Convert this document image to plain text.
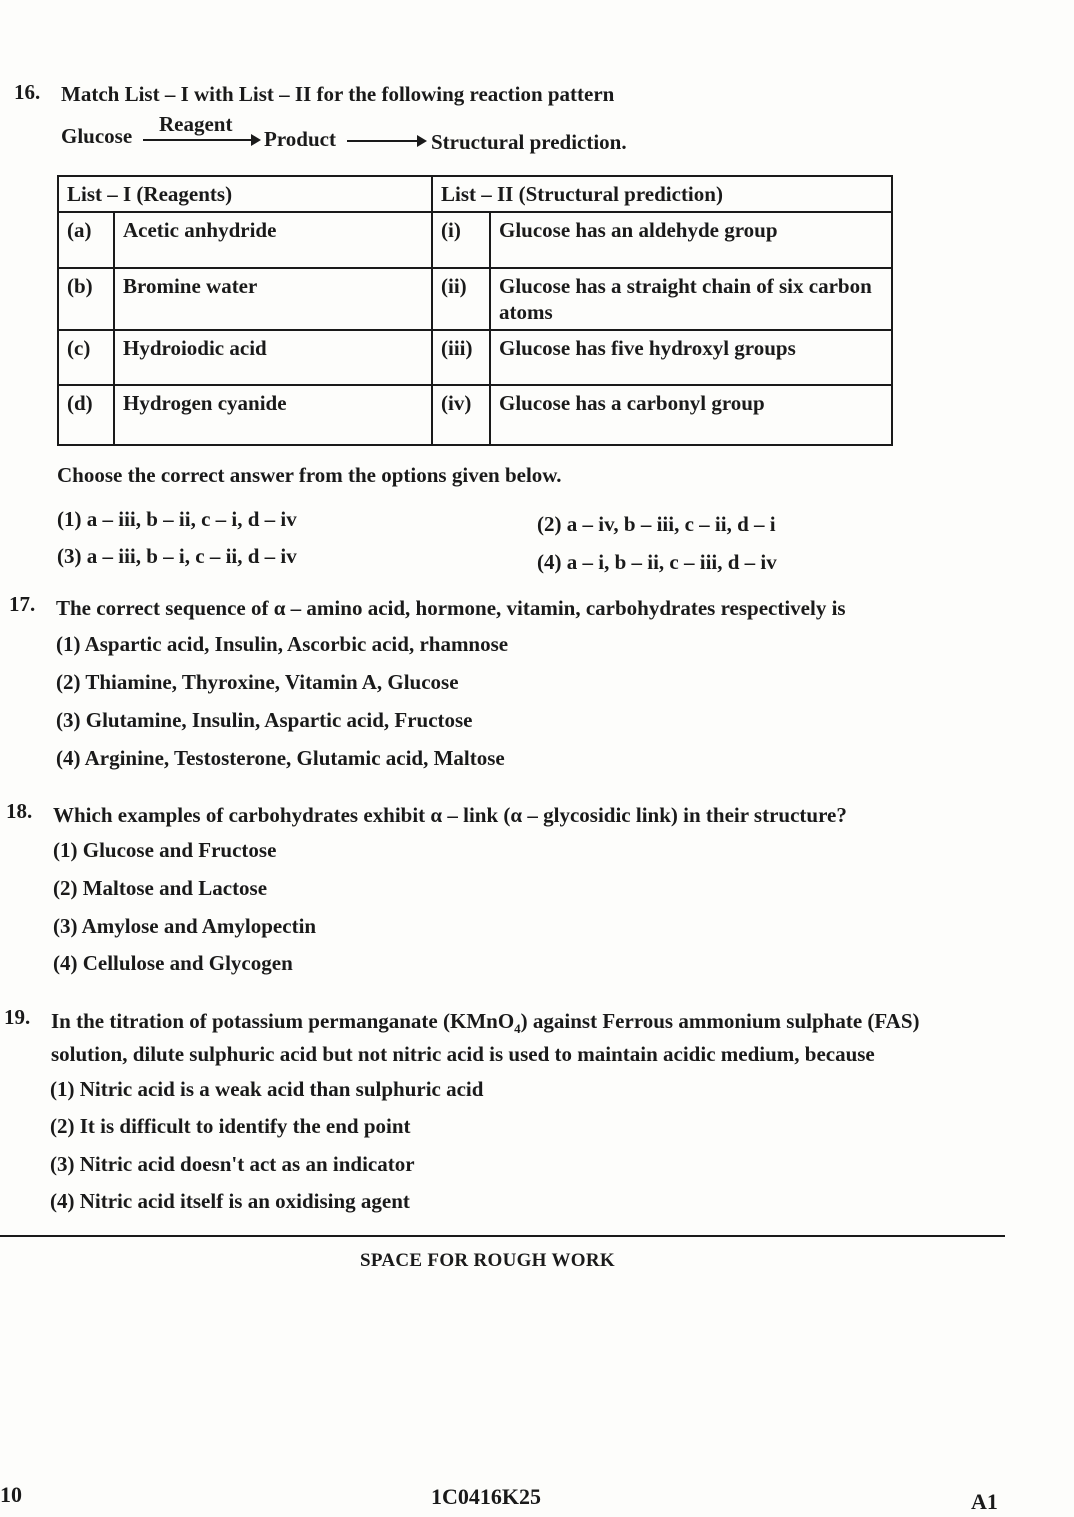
16. Match List – I with List – II for the following reaction pattern
Glucose Reagent
Product	Structural prediction.
List – I (Reagents)		List – II (Structural prediction)	
(a)	Acetic anhydride	(i)	Glucose has an aldehyde group
(b)	Bromine water	(ii)	Glucose has a straight chain of six carbon atoms
(c)	Hydroiodic acid	(iii)	Glucose has five hydroxyl groups
(d)	Hydrogen cyanide	(iv)	Glucose has a carbonyl group
Choose the correct answer from the options given below.
(1) a – iii, b – ii, c – i, d – iv	(2) a – iv, b – iii, c – ii, d – i
(3) a – iii, b – i, c – ii, d – iv	(4) a – i, b – ii, c – iii, d – iv
17. The correct sequence of α – amino acid, hormone, vitamin, carbohydrates respectively is
(1) Aspartic acid, Insulin, Ascorbic acid, rhamnose
(2) Thiamine, Thyroxine, Vitamin A, Glucose
(3) Glutamine, Insulin, Aspartic acid, Fructose
(4) Arginine, Testosterone, Glutamic acid, Maltose
18. Which examples of carbohydrates exhibit α – link (α – glycosidic link) in their structure?
(1) Glucose and Fructose
(2) Maltose and Lactose
(3) Amylose and Amylopectin
(4) Cellulose and Glycogen
19. In the titration of potassium permanganate (KMnO$_4$) against Ferrous ammonium sulphate (FAS)
solution, dilute sulphuric acid but not nitric acid is used to maintain acidic medium, because
(1) Nitric acid is a weak acid than sulphuric acid
(2) It is difficult to identify the end point
(3) Nitric acid doesn't act as an indicator
(4) Nitric acid itself is an oxidising agent
SPACE FOR ROUGH WORK
10	1C0416K25	A1
